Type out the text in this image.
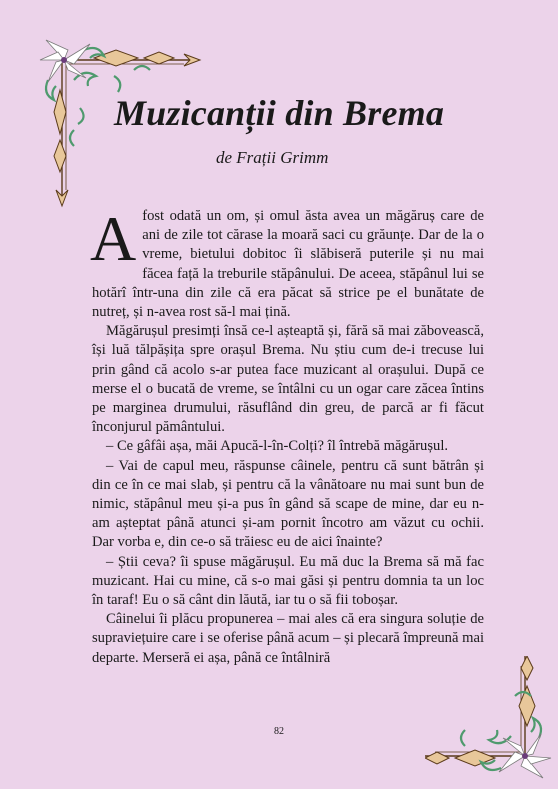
Muzicanții din Brema
de Frații Grimm

Afost odată un om, și omul ăsta avea un măgăruș care de ani de zile tot cărase la moară saci cu grăunțe. Dar de la o vreme, bietului dobitoc îi slăbiseră puterile și nu mai făcea față la treburile stăpânului. De aceea, stăpânul lui se hotărî într-una din zile că era păcat să strice pe el bunătate de nutreț, și n-avea rost să-l mai țină.

Măgărușul presimți însă ce-l așteaptă și, fără să mai zăbovească, își luă tălpășița spre orașul Brema. Nu știu cum de-i trecuse lui prin gând că acolo s-ar putea face muzicant al orașului. După ce merse el o bucată de vreme, se întâlni cu un ogar care zăcea întins pe marginea drumului, răsuflând din greu, de parcă ar fi făcut înconjurul pământului.

– Ce gâfâi așa, măi Apucă-l-în-Colți? îl întrebă măgărușul.

– Vai de capul meu, răspunse câinele, pentru că sunt bătrân și din ce în ce mai slab, și pentru că la vânătoare nu mai sunt bun de nimic, stăpânul meu și-a pus în gând să scape de mine, dar eu n-am așteptat până atunci și-am pornit încotro am văzut cu ochii. Dar vorba e, din ce-o să trăiesc eu de aici înainte?

– Știi ceva? îi spuse măgărușul. Eu mă duc la Brema să mă fac muzicant. Hai cu mine, că s-o mai găsi și pentru domnia ta un loc în taraf! Eu o să cânt din lăută, iar tu o să fii toboșar.

Câinelui îi plăcu propunerea – mai ales că era singura soluție de supraviețuire care i se oferise până acum – și plecară împreună mai departe. Merseră ei așa, până ce întâlniră

82
